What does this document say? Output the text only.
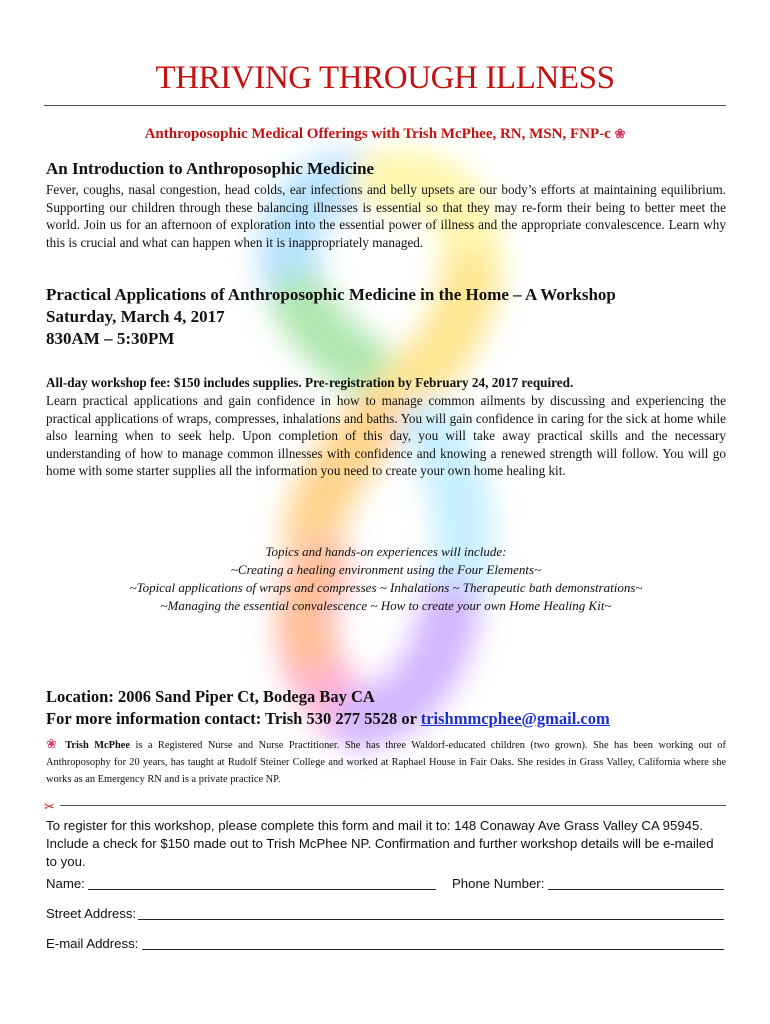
THRIVING THROUGH ILLNESS
Anthroposophic Medical Offerings with Trish McPhee, RN, MSN, FNP-c ❀
An Introduction to Anthroposophic Medicine

Fever, coughs, nasal congestion, head colds, ear infections and belly upsets are our body’s efforts at maintaining equilibrium. Supporting our children through these balancing illnesses is essential so that they may re-form their being to better meet the world. Join us for an afternoon of exploration into the essential power of illness and the appropriate convalescence. Learn why this is crucial and what can happen when it is inappropriately managed.

Practical Applications of Anthroposophic Medicine in the Home – A Workshop
Saturday, March 4, 2017
830AM – 5:30PM

All-day workshop fee: $150 includes supplies. Pre-registration by February 24, 2017 required.

Learn practical applications and gain confidence in how to manage common ailments by discussing and experiencing the practical applications of wraps, compresses, inhalations and baths. You will gain confidence in caring for the sick at home while also learning when to seek help. Upon completion of this day, you will take away practical skills and the necessary understanding of how to manage common illnesses with confidence and knowing a renewed strength will follow. You will go home with some starter supplies all the information you need to create your own home healing kit.

Topics and hands-on experiences will include:
~Creating a healing environment using the Four Elements~
~Topical applications of wraps and compresses ~ Inhalations ~ Therapeutic bath demonstrations~
~Managing the essential convalescence ~ How to create your own Home Healing Kit~
Location: 2006 Sand Piper Ct, Bodega Bay CA
For more information contact: Trish 530 277 5528 or trishmmcphee@gmail.com
❀ Trish McPhee is a Registered Nurse and Nurse Practitioner. She has three Waldorf-educated children (two grown). She has been working out of Anthroposophy for 20 years, has taught at Rudolf Steiner College and worked at Raphael House in Fair Oaks. She resides in Grass Valley, California where she works as an Emergency RN and is a private practice NP.
✂
To register for this workshop, please complete this form and mail it to: 148 Conaway Ave Grass Valley CA 95945. Include a check for $150 made out to Trish McPhee NP. Confirmation and further workshop details will be e-mailed to you.
Name:	Phone Number:
Street Address:
E-mail Address:
